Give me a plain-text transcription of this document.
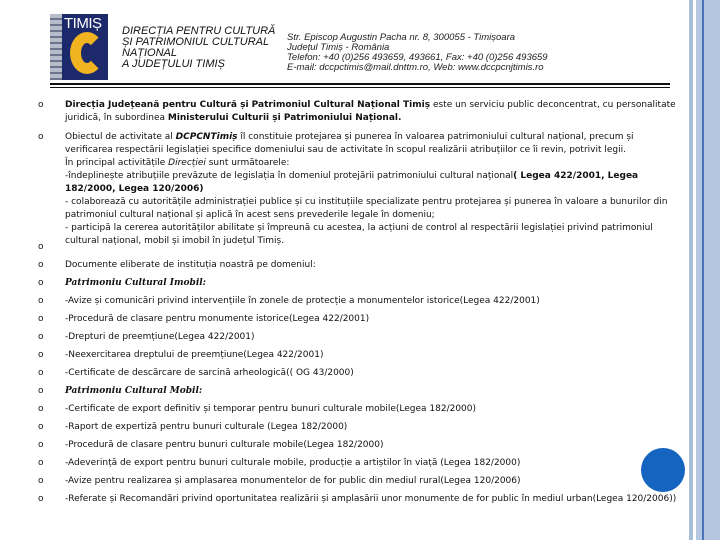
TIMIȘ DIRECȚIA PENTRU CULTURĂ
ȘI PATRIMONIUL CULTURAL
NAȚIONAL
A JUDEȚULUI TIMIȘ
Str. Episcop Augustin Pacha nr. 8, 300055 - Timișoara
Județul Timiș - România
Telefon: +40 (0)256 493659, 493661, Fax: +40 (0)256 493659
E-mail: dccpctimis@mail.dnttm.ro, Web: www.dccpcnjtimis.ro
o Direcția Județeană pentru Cultură și Patrimoniul Cultural Național Timiș este un serviciu public deconcentrat, cu personalitate juridică, în subordinea Ministerului Culturii și Patrimoniului Național.
o Obiectul de activitate al DCPCNTimiș îl constituie protejarea și punerea în valoarea patrimoniului cultural național, precum și verificarea respectării legislației specifice domeniului sau de activitate în scopul realizării atribuțiilor ce îi revin, potrivit legii.
În principal activitățile Direcției sunt următoarele:
-îndeplinește atribuțiile prevăzute de legislația în domeniul protejării patrimoniului cultural național( Legea 422/2001, Legea 182/2000, Legea 120/2006)
- colaborează cu autoritățile administrației publice și cu instituțiile specializate pentru protejarea și punerea în valoare a bunurilor din patrimoniul cultural național și aplică în acest sens prevederile legale în domeniu;
- participă la cererea autorităților abilitate și împreună cu acestea, la acțiuni de control al respectării legislației privind patrimoniul cultural național, mobil și imobil în județul Timiș.
o
o Documente eliberate de instituția noastră pe domeniul:
o Patrimoniu Cultural Imobil:
o -Avize și comunicări privind intervențiile în zonele de protecție a monumentelor istorice(Legea 422/2001)
o -Procedură de clasare pentru monumente istorice(Legea 422/2001)
o -Drepturi de preemțiune(Legea 422/2001)
o -Neexercitarea dreptului de preemțiune(Legea 422/2001)
o -Certificate de descărcare de sarcină arheologică(( OG 43/2000)
o Patrimoniu Cultural Mobil:
o -Certificate de export definitiv și temporar pentru bunuri culturale mobile(Legea 182/2000)
o -Raport de expertiză pentru bunuri culturale (Legea 182/2000)
o -Procedură de clasare pentru bunuri culturale mobile(Legea 182/2000)
o -Adeverință de export pentru bunuri culturale mobile, producție a artiștilor în viață (Legea 182/2000)
o -Avize pentru realizarea și amplasarea monumentelor de for public din mediul rural(Legea 120/2006)
o -Referate și Recomandări privind oportunitatea realizării și amplasării unor monumente de for public în mediul urban(Legea 120/2006))
